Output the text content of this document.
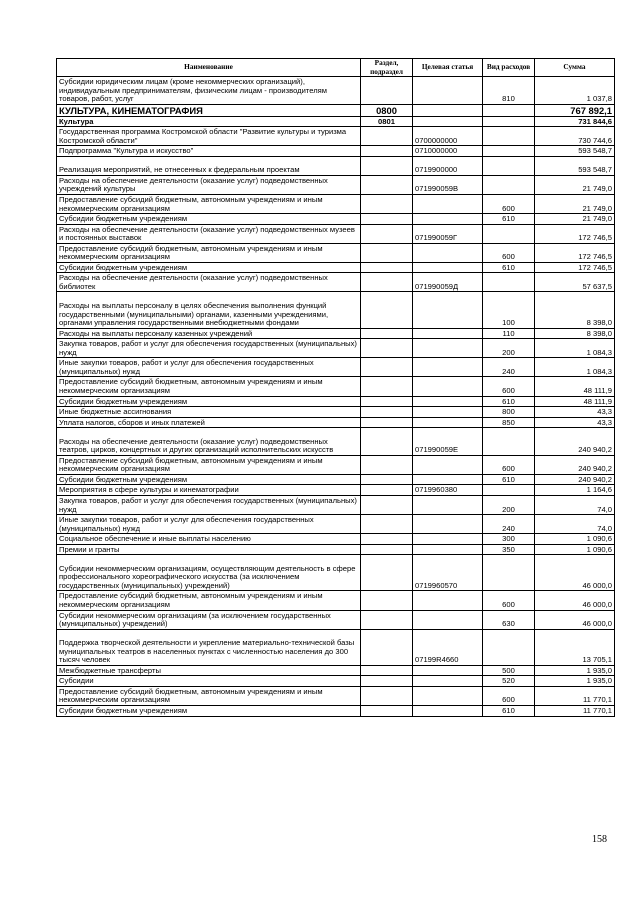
Наименование	Раздел, подраздел	Целевая статья	Вид расходов	Сумма
Субсидии юридическим лицам (кроме некоммерческих организаций), индивидуальным предпринимателям, физическим лицам - производителям товаров, работ, услуг			810	1 037,8
КУЛЬТУРА, КИНЕМАТОГРАФИЯ	0800			767 892,1
Культура	0801			731 844,6
Государственная программа Костромской области "Развитие культуры и туризма Костромской области"		0700000000		730 744,6
Подпрограмма "Культура и искусство"		0710000000		593 548,7
Реализация мероприятий, не отнесенных к федеральным проектам		0719900000		593 548,7
Расходы на обеспечение деятельности (оказание услуг) подведомственных учреждений культуры		071990059В		21 749,0
Предоставление субсидий бюджетным, автономным учреждениям и иным некоммерческим организациям			600	21 749,0
Субсидии бюджетным учреждениям			610	21 749,0
Расходы на обеспечение деятельности (оказание услуг) подведомственных музеев и постоянных выставок		071990059Г		172 746,5
Предоставление субсидий бюджетным, автономным учреждениям и иным некоммерческим организациям			600	172 746,5
Субсидии бюджетным учреждениям			610	172 746,5
Расходы на обеспечение деятельности (оказание услуг) подведомственных библиотек		071990059Д		57 637,5
Расходы на выплаты персоналу в целях обеспечения выполнения функций государственными (муниципальными) органами, казенными учреждениями, органами управления государственными внебюджетными фондами			100	8 398,0
Расходы на выплаты персоналу казенных учреждений			110	8 398,0
Закупка товаров, работ и услуг для обеспечения государственных (муниципальных) нужд			200	1 084,3
Иные закупки товаров, работ и услуг для обеспечения государственных (муниципальных) нужд			240	1 084,3
Предоставление субсидий бюджетным, автономным учреждениям и иным некоммерческим организациям			600	48 111,9
Субсидии бюджетным учреждениям			610	48 111,9
Иные бюджетные ассигнования			800	43,3
Уплата налогов, сборов и иных платежей			850	43,3
Расходы на обеспечение деятельности (оказание услуг) подведомственных театров, цирков, концертных и других организаций исполнительских искусств		071990059Е		240 940,2
Предоставление субсидий бюджетным, автономным учреждениям и иным некоммерческим организациям			600	240 940,2
Субсидии бюджетным учреждениям			610	240 940,2
Мероприятия в сфере культуры и кинематографии		0719960380		1 164,6
Закупка товаров, работ и услуг для обеспечения государственных (муниципальных) нужд			200	74,0
Иные закупки товаров, работ и услуг для обеспечения государственных (муниципальных) нужд			240	74,0
Социальное обеспечение и иные выплаты населению			300	1 090,6
Премии и гранты			350	1 090,6
Субсидии некоммерческим организациям, осуществляющим деятельность в сфере профессионального хореографического искусства (за исключением государственных (муниципальных) учреждений)		0719960570		46 000,0
Предоставление субсидий бюджетным, автономным учреждениям и иным некоммерческим организациям			600	46 000,0
Субсидии некоммерческим организациям (за исключением государственных (муниципальных) учреждений)			630	46 000,0
Поддержка творческой деятельности и укрепление материально-технической базы муниципальных театров в населенных пунктах с численностью населения до 300 тысяч человек		07199R4660		13 705,1
Межбюджетные трансферты			500	1 935,0
Субсидии			520	1 935,0
Предоставление субсидий бюджетным, автономным учреждениям и иным некоммерческим организациям			600	11 770,1
Субсидии бюджетным учреждениям			610	11 770,1
158
